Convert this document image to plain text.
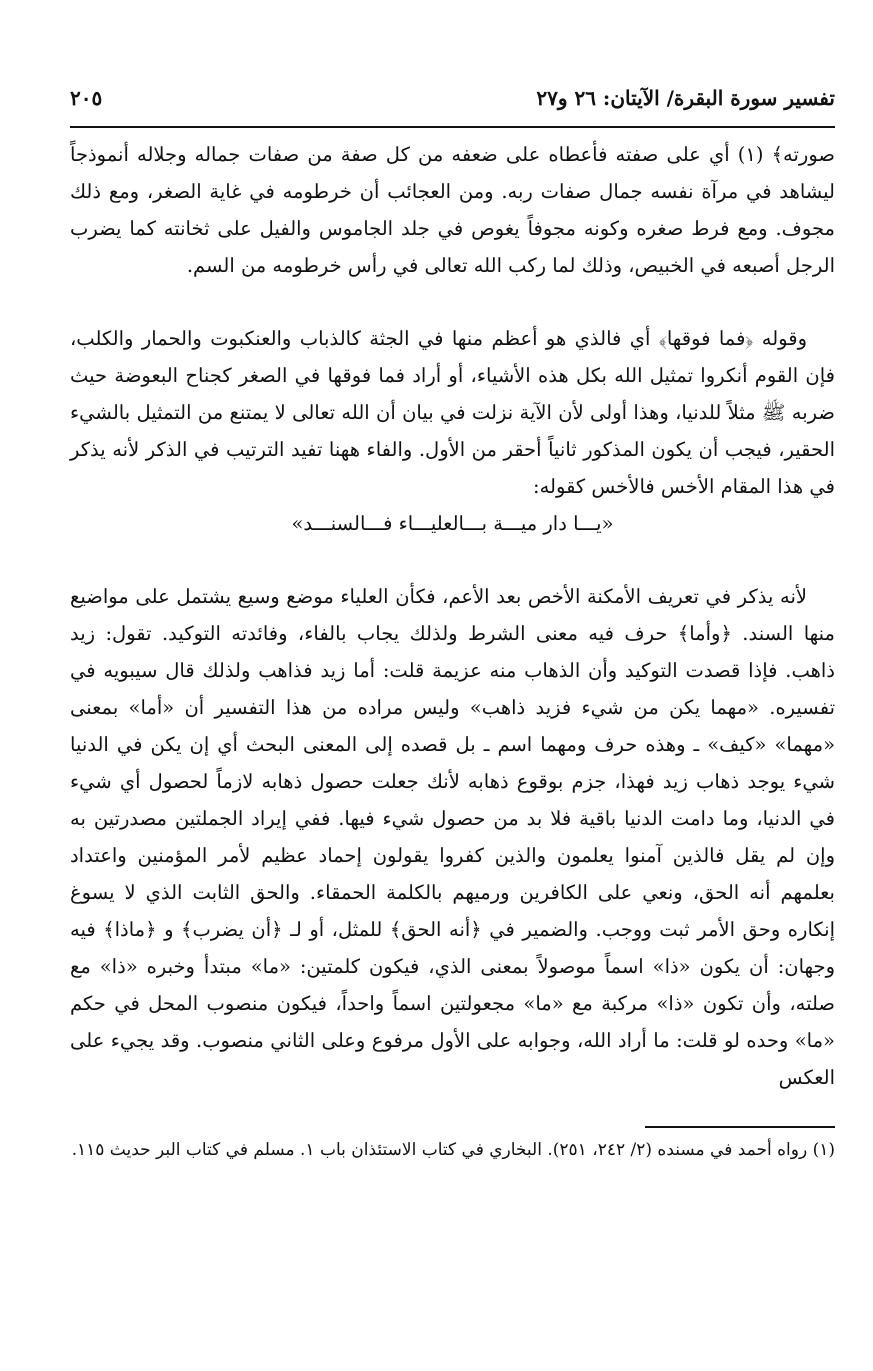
تفسير سورة البقرة/ الآيتان: ٢٦ و٢٧
٢٠٥

صورته﴾ (١) أي على صفته فأعطاه على ضعفه من كل صفة من صفات جماله وجلاله أنموذجاً ليشاهد في مرآة نفسه جمال صفات ربه. ومن العجائب أن خرطومه في غاية الصغر، ومع ذلك مجوف. ومع فرط صغره وكونه مجوفاً يغوص في جلد الجاموس والفيل على ثخانته كما يضرب الرجل أصبعه في الخبيص، وذلك لما ركب الله تعالى في رأس خرطومه من السم.

وقوله ﴿فما فوقها﴾ أي فالذي هو أعظم منها في الجثة كالذباب والعنكبوت والحمار والكلب، فإن القوم أنكروا تمثيل الله بكل هذه الأشياء، أو أراد فما فوقها في الصغر كجناح البعوضة حيث ضربه ﷺ مثلاً للدنيا، وهذا أولى لأن الآية نزلت في بيان أن الله تعالى لا يمتنع من التمثيل بالشيء الحقير، فيجب أن يكون المذكور ثانياً أحقر من الأول. والفاء ههنا تفيد الترتيب في الذكر لأنه يذكر في هذا المقام الأخس فالأخس كقوله:

«يـــا دار ميـــة بـــالعليـــاء فـــالسنـــد»

لأنه يذكر في تعريف الأمكنة الأخص بعد الأعم، فكأن العلياء موضع وسيع يشتمل على مواضيع منها السند. ﴿وأما﴾ حرف فيه معنى الشرط ولذلك يجاب بالفاء، وفائدته التوكيد. تقول: زيد ذاهب. فإذا قصدت التوكيد وأن الذهاب منه عزيمة قلت: أما زيد فذاهب ولذلك قال سيبويه في تفسيره. «مهما يكن من شيء فزيد ذاهب» وليس مراده من هذا التفسير أن «أما» بمعنى «مهما» «كيف» ـ وهذه حرف ومهما اسم ـ بل قصده إلى المعنى البحث أي إن يكن في الدنيا شيء يوجد ذهاب زيد فهذا، جزم بوقوع ذهابه لأنك جعلت حصول ذهابه لازماً لحصول أي شيء في الدنيا، وما دامت الدنيا باقية فلا بد من حصول شيء فيها. ففي إيراد الجملتين مصدرتين به وإن لم يقل فالذين آمنوا يعلمون والذين كفروا يقولون إحماد عظيم لأمر المؤمنين واعتداد بعلمهم أنه الحق، ونعي على الكافرين ورميهم بالكلمة الحمقاء. والحق الثابت الذي لا يسوغ إنكاره وحق الأمر ثبت ووجب. والضمير في ﴿أنه الحق﴾ للمثل، أو لـ ﴿أن يضرب﴾ و ﴿ماذا﴾ فيه وجهان: أن يكون «ذا» اسماً موصولاً بمعنى الذي، فيكون كلمتين: «ما» مبتدأ وخبره «ذا» مع صلته، وأن تكون «ذا» مركبة مع «ما» مجعولتين اسماً واحداً، فيكون منصوب المحل في حكم «ما» وحده لو قلت: ما أراد الله، وجوابه على الأول مرفوع وعلى الثاني منصوب. وقد يجيء على العكس

(١) رواه أحمد في مسنده (٢/ ٢٤٢، ٢٥١). البخاري في كتاب الاستئذان باب ١. مسلم في كتاب البر حديث ١١٥.
